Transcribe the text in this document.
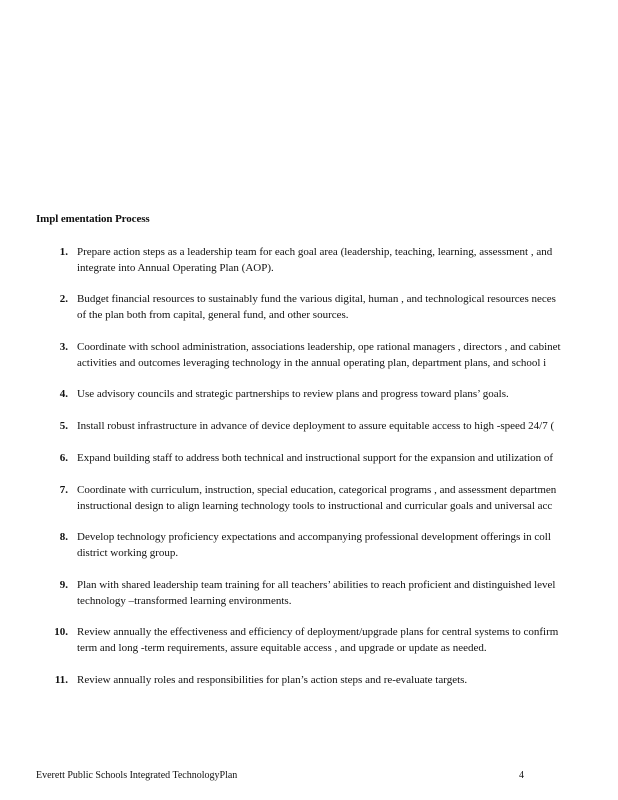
Impl ementation Process
1. Prepare action steps as a leadership team for each goal area (leadership, teaching, learning, assessment , and
integrate into Annual Operating Plan (AOP).
2. Budget financial resources to sustainably fund the various digital, human , and technological resources neces
of the plan both from capital, general fund, and other sources.
3. Coordinate with school administration, associations leadership, ope rational managers , directors , and cabinet
activities and outcomes leveraging technology in the annual operating plan, department plans, and school i
4. Use advisory councils and strategic partnerships to review plans and progress toward plans’ goals.
5. Install robust infrastructure in advance of device deployment to assure equitable access to high -speed 24/7 (
6. Expand building staff to address both technical and instructional support for the expansion and utilization of
7. Coordinate with curriculum, instruction, special education, categorical programs , and assessment departmen
instructional design to align learning technology tools to instructional and curricular goals and universal acc
8. Develop technology proficiency expectations and accompanying professional development offerings in coll
district working group.
9. Plan with shared leadership team training for all teachers’ abilities to reach proficient and distinguished level
technology –transformed learning environments.
10. Review annually the effectiveness and efficiency of deployment/upgrade plans for central systems to confirm
term and long -term requirements, assure equitable access , and upgrade or update as needed.
11. Review annually roles and responsibilities for plan’s action steps and re-evaluate targets.
Everett Public Schools Integrated TechnologyPlan	4
